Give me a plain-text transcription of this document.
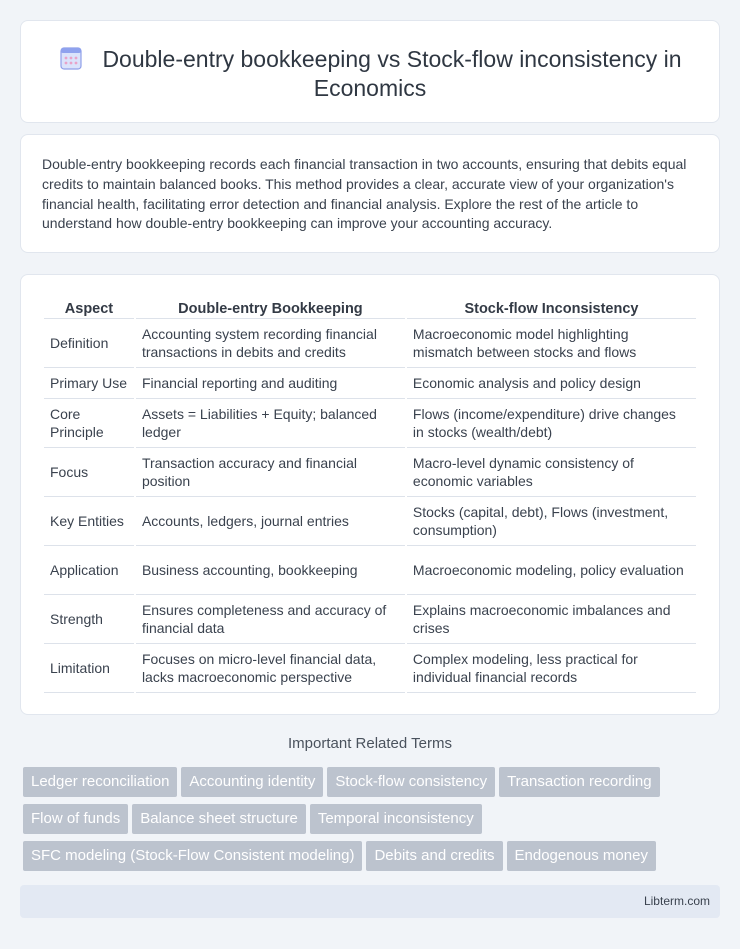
Double-entry bookkeeping vs Stock-flow inconsistency in Economics

Double-entry bookkeeping records each financial transaction in two accounts, ensuring that debits equal credits to maintain balanced books. This method provides a clear, accurate view of your organization's financial health, facilitating error detection and financial analysis. Explore the rest of the article to understand how double-entry bookkeeping can improve your accounting accuracy.

Aspect	Double-entry Bookkeeping	Stock-flow Inconsistency
Definition	Accounting system recording financial transactions in debits and credits	Macroeconomic model highlighting mismatch between stocks and flows
Primary Use	Financial reporting and auditing	Economic analysis and policy design
Core Principle	Assets = Liabilities + Equity; balanced ledger	Flows (income/expenditure) drive changes in stocks (wealth/debt)
Focus	Transaction accuracy and financial position	Macro-level dynamic consistency of economic variables
Key Entities	Accounts, ledgers, journal entries	Stocks (capital, debt), Flows (investment, consumption)
Application	Business accounting, bookkeeping	Macroeconomic modeling, policy evaluation
Strength	Ensures completeness and accuracy of financial data	Explains macroeconomic imbalances and crises
Limitation	Focuses on micro-level financial data, lacks macroeconomic perspective	Complex modeling, less practical for individual financial records
Important Related Terms
Ledger reconciliation Accounting identity Stock-flow consistency Transaction recording
Flow of funds Balance sheet structure Temporal inconsistency
SFC modeling (Stock-Flow Consistent modeling) Debits and credits Endogenous money
Libterm.com
